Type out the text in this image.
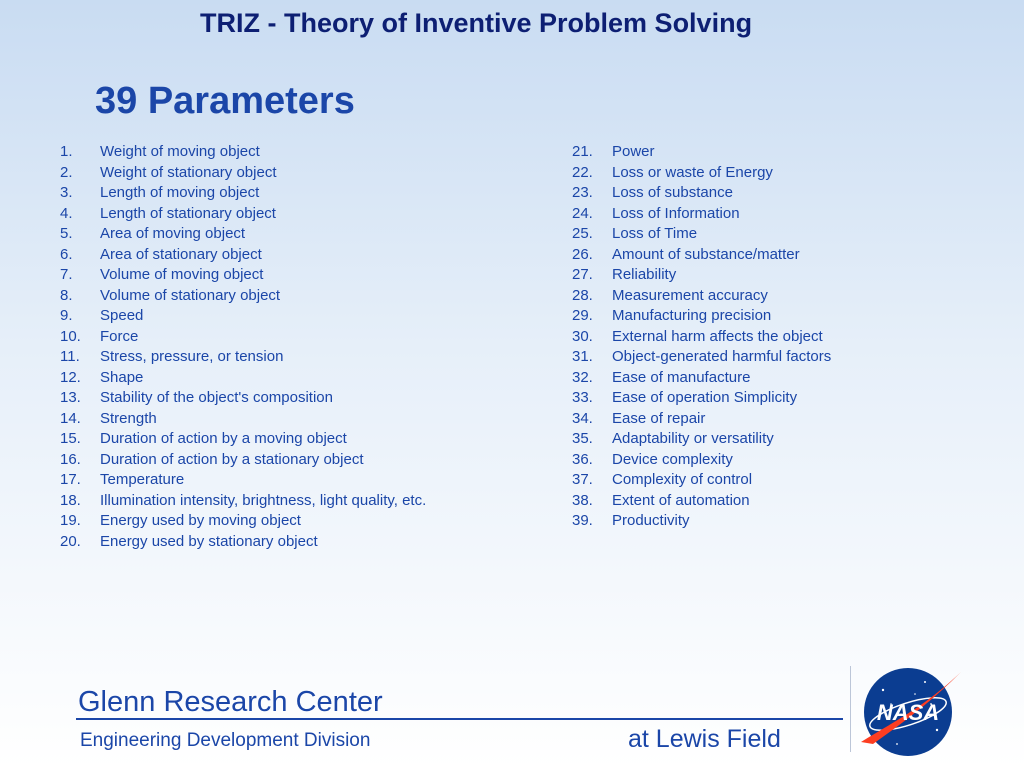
TRIZ - Theory of Inventive Problem Solving
39 Parameters
1.	Weight of moving object
2.	Weight of stationary object
3.	Length of moving object
4.	Length of stationary object
5.	Area of moving object
6.	Area of stationary object
7.	Volume of moving object
8.	Volume of stationary object
9.	Speed
10.	Force
11.	Stress, pressure, or tension
12.	Shape
13.	Stability of the object's composition
14.	Strength
15.	Duration of action by a moving object
16.	Duration of action by a stationary object
17.	Temperature
18.	Illumination intensity, brightness, light quality, etc.
19.	Energy used by moving object
20.	Energy used by stationary object
21.	Power
22.	Loss or waste of Energy
23.	Loss of substance
24.	Loss of Information
25.	Loss of Time
26.	Amount of substance/matter
27.	Reliability
28.	Measurement accuracy
29.	Manufacturing precision
30.	External harm affects the object
31.	Object-generated harmful factors
32.	Ease of manufacture
33.	Ease of operation Simplicity
34.	Ease of repair
35.	Adaptability or versatility
36.	Device complexity
37.	Complexity of control
38.	Extent of automation
39.	Productivity
Glenn Research Center
Engineering Development Division	at Lewis Field
NASA
